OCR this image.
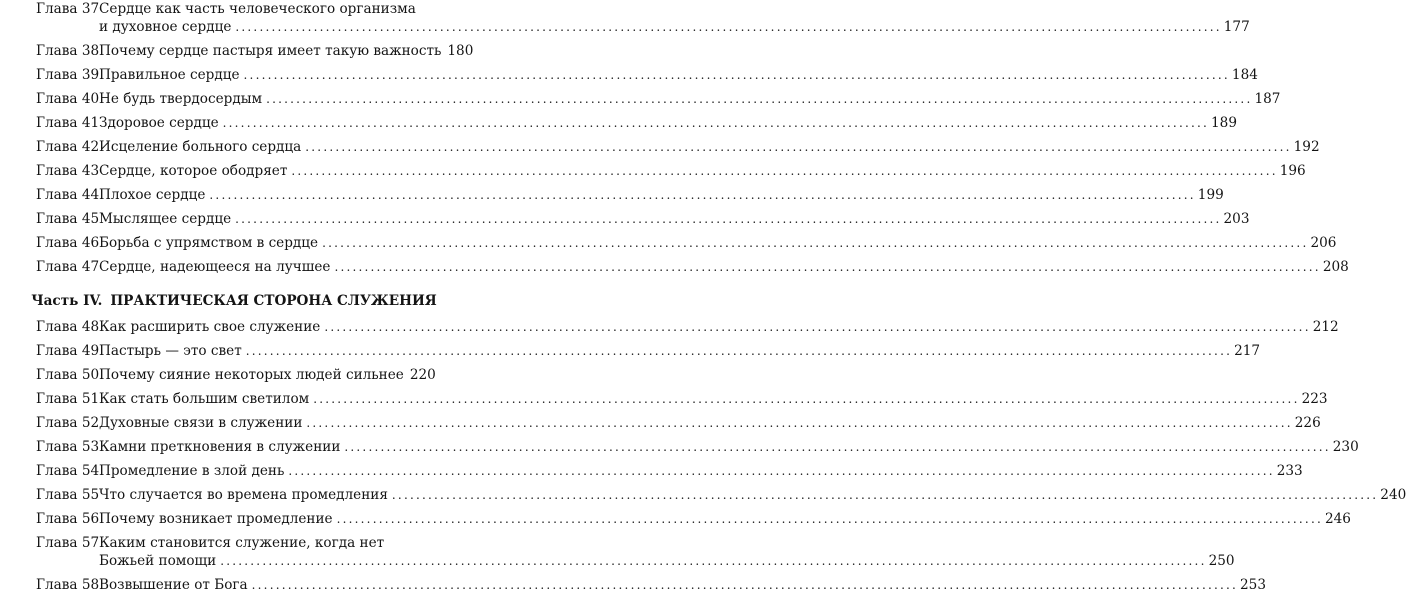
Глава 37 Сердце как часть человеческого организма
и духовное сердце .....	177
Глава 38 Почему сердце пастыря имеет такую важность 180
Глава 39 Правильное сердце .....	184
Глава 40 Не будь твердосердым .....	187
Глава 41 Здоровое сердце .....	189
Глава 42 Исцеление больного сердца .....	192
Глава 43 Сердце, которое ободряет .....	196
Глава 44 Плохое сердце .....	199
Глава 45 Мыслящее сердце .....	203
Глава 46 Борьба с упрямством в сердце .....	206
Глава 47 Сердце, надеющееся на лучшее .....	208
Часть IV. ПРАКТИЧЕСКАЯ СТОРОНА СЛУЖЕНИЯ
Глава 48 Как расширить свое служение .....	212
Глава 49 Пастырь — это свет .....	217
Глава 50 Почему сияние некоторых людей сильнее 220
Глава 51 Как стать большим светилом .....	223
Глава 52 Духовные связи в служении .....	226
Глава 53 Камни преткновения в служении .....	230
Глава 54 Промедление в злой день .....	233
Глава 55 Что случается во времена промедления .....	240
Глава 56 Почему возникает промедление .....	246
Глава 57 Каким становится служение, когда нет
Божьей помощи .....	250
Глава 58 Возвышение от Бога .....	253
